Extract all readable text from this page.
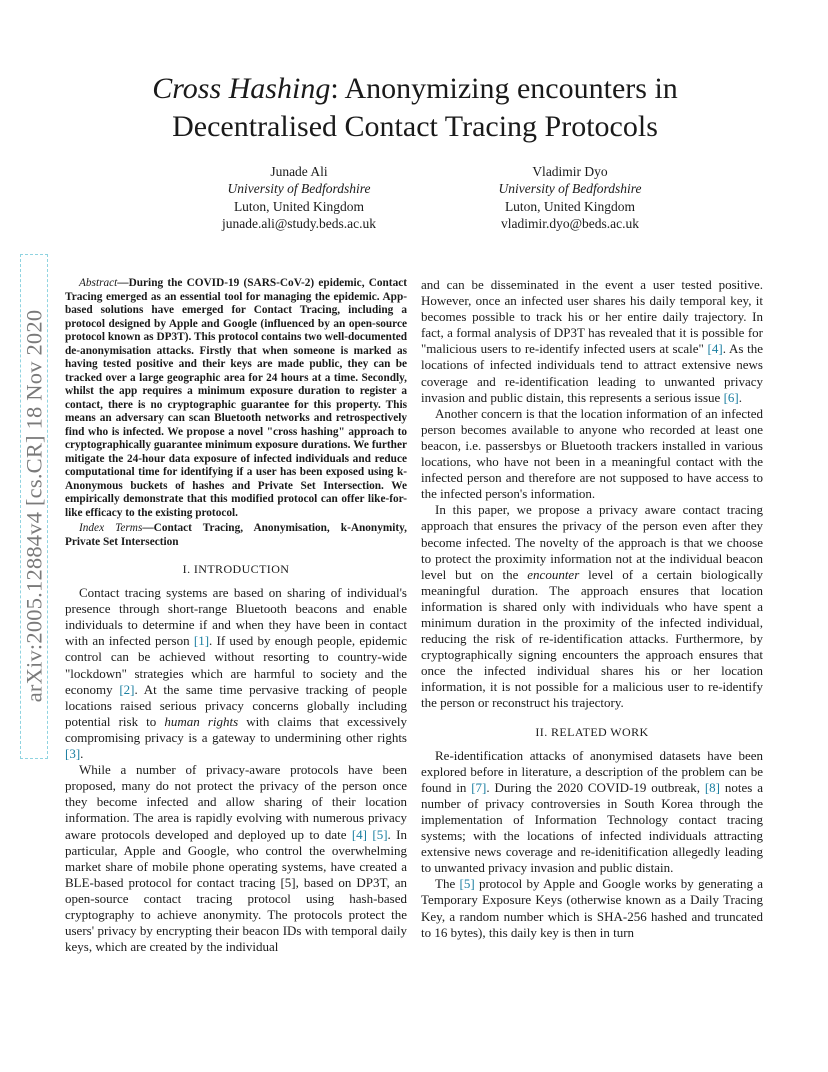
Cross Hashing: Anonymizing encounters in
Decentralised Contact Tracing Protocols
Junade Ali
University of Bedfordshire
Luton, United Kingdom
junade.ali@study.beds.ac.uk
Vladimir Dyo
University of Bedfordshire
Luton, United Kingdom
vladimir.dyo@beds.ac.uk
arXiv:2005.12884v4 [cs.CR] 18 Nov 2020

Abstract—During the COVID-19 (SARS-CoV-2) epidemic, Contact Tracing emerged as an essential tool for managing the epidemic. App-based solutions have emerged for Contact Tracing, including a protocol designed by Apple and Google (influenced by an open-source protocol known as DP3T). This protocol contains two well-documented de-anonymisation attacks. Firstly that when someone is marked as having tested positive and their keys are made public, they can be tracked over a large geographic area for 24 hours at a time. Secondly, whilst the app requires a minimum exposure duration to register a contact, there is no cryptographic guarantee for this property. This means an adversary can scan Bluetooth networks and retrospectively find who is infected. We propose a novel "cross hashing" approach to cryptographically guarantee minimum exposure durations. We further mitigate the 24-hour data exposure of infected individuals and reduce computational time for identifying if a user has been exposed using k-Anonymous buckets of hashes and Private Set Intersection. We empirically demonstrate that this modified protocol can offer like-for-like efficacy to the existing protocol.

Index Terms—Contact Tracing, Anonymisation, k-Anonymity, Private Set Intersection

I. INTRODUCTION

Contact tracing systems are based on sharing of individual's presence through short-range Bluetooth beacons and enable individuals to determine if and when they have been in contact with an infected person [1]. If used by enough people, epidemic control can be achieved without resorting to country-wide "lockdown" strategies which are harmful to society and the economy [2]. At the same time pervasive tracking of people locations raised serious privacy concerns globally including potential risk to human rights with claims that excessively compromising privacy is a gateway to undermining other rights [3].

While a number of privacy-aware protocols have been proposed, many do not protect the privacy of the person once they become infected and allow sharing of their location information. The area is rapidly evolving with numerous privacy aware protocols developed and deployed up to date [4] [5]. In particular, Apple and Google, who control the overwhelming market share of mobile phone operating systems, have created a BLE-based protocol for contact tracing [5], based on DP3T, an open-source contact tracing protocol using hash-based cryptography to achieve anonymity. The protocols protect the users' privacy by encrypting their beacon IDs with temporal daily keys, which are created by the individual

and can be disseminated in the event a user tested positive. However, once an infected user shares his daily temporal key, it becomes possible to track his or her entire daily trajectory. In fact, a formal analysis of DP3T has revealed that it is possible for "malicious users to re-identify infected users at scale" [4]. As the locations of infected individuals tend to attract extensive news coverage and re-identification leading to unwanted privacy invasion and public distain, this represents a serious issue [6].

Another concern is that the location information of an infected person becomes available to anyone who recorded at least one beacon, i.e. passersbys or Bluetooth trackers installed in various locations, who have not been in a meaningful contact with the infected person and therefore are not supposed to have access to the infected person's information.

In this paper, we propose a privacy aware contact tracing approach that ensures the privacy of the person even after they become infected. The novelty of the approach is that we choose to protect the proximity information not at the individual beacon level but on the encounter level of a certain biologically meaningful duration. The approach ensures that location information is shared only with individuals who have spent a minimum duration in the proximity of the infected individual, reducing the risk of re-identification attacks. Furthermore, by cryptographically signing encounters the approach ensures that once the infected individual shares his or her location information, it is not possible for a malicious user to re-identify the person or reconstruct his trajectory.

II. RELATED WORK

Re-identification attacks of anonymised datasets have been explored before in literature, a description of the problem can be found in [7]. During the 2020 COVID-19 outbreak, [8] notes a number of privacy controversies in South Korea through the implementation of Information Technology contact tracing systems; with the locations of infected individuals attracting extensive news coverage and re-idenitification allegedly leading to unwanted privacy invasion and public distain.

The [5] protocol by Apple and Google works by generating a Temporary Exposure Keys (otherwise known as a Daily Tracing Key, a random number which is SHA-256 hashed and truncated to 16 bytes), this daily key is then in turn
